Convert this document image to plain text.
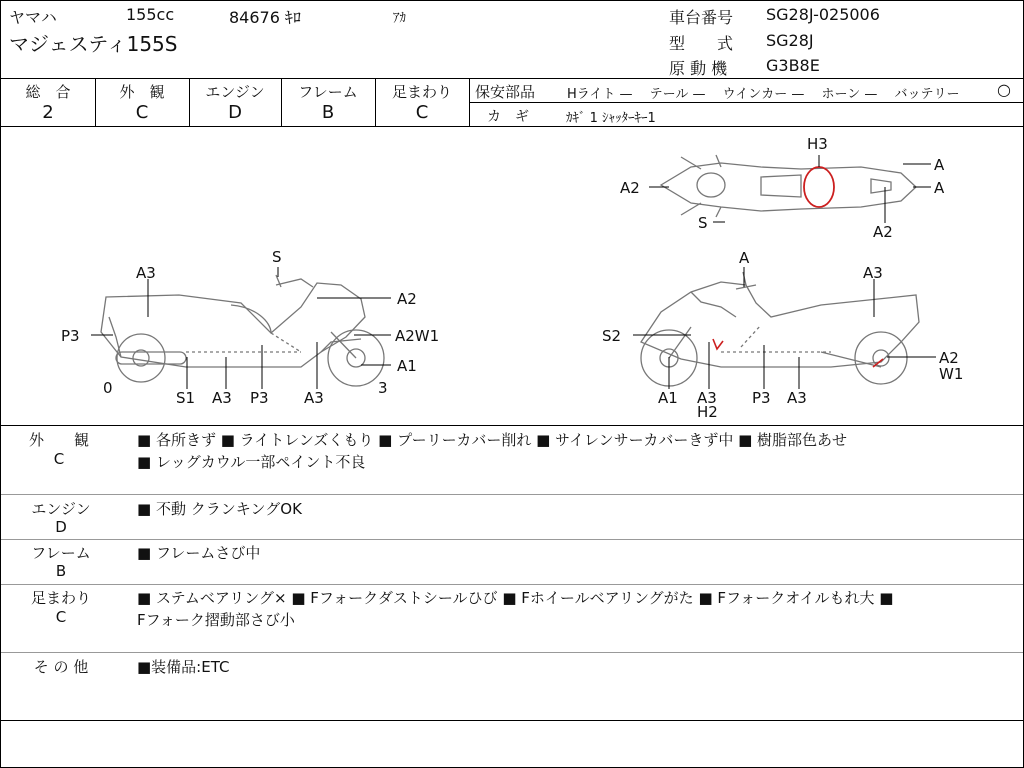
ヤマハ	155cc	84676 ｷﾛ	ｱｶ
マジェスティ155S
車台番号 SG28J-025006
型　　式 SG28J
原 動 機 G3B8E
総　合
2
外　観
C
エンジン
D
フレーム
B
足まわり
C
保安部品 Hライト —　 テール —　 ウインカー —　 ホーン —　 バッテリー ○
カ　ギ	ｶｷﾞ 1 ｼｬｯﾀｰｷｰ1
A3
S
A2
P3	A2W1
A1
0
S1 A3 P3 A3
3
A
A3
S2
A2
W1
A1 A3
H2
P3 A3
H3
A
A2	A
S	A2
外　　観
C
■ 各所きず ■ ライトレンズくもり ■ プーリーカバー削れ ■ サイレンサーカバーきず中 ■ 樹脂部色あせ
■ レッグカウル一部ペイント不良
エンジン
D
■ 不動 クランキングOK
フレーム
B
■ フレームさび中
足まわり
C
■ ステムベアリング× ■ Fフォークダストシールひび ■ Fホイールベアリングがた ■ Fフォークオイルもれ大 ■
Fフォーク摺動部さび小
そ の 他	■装備品:ETC
